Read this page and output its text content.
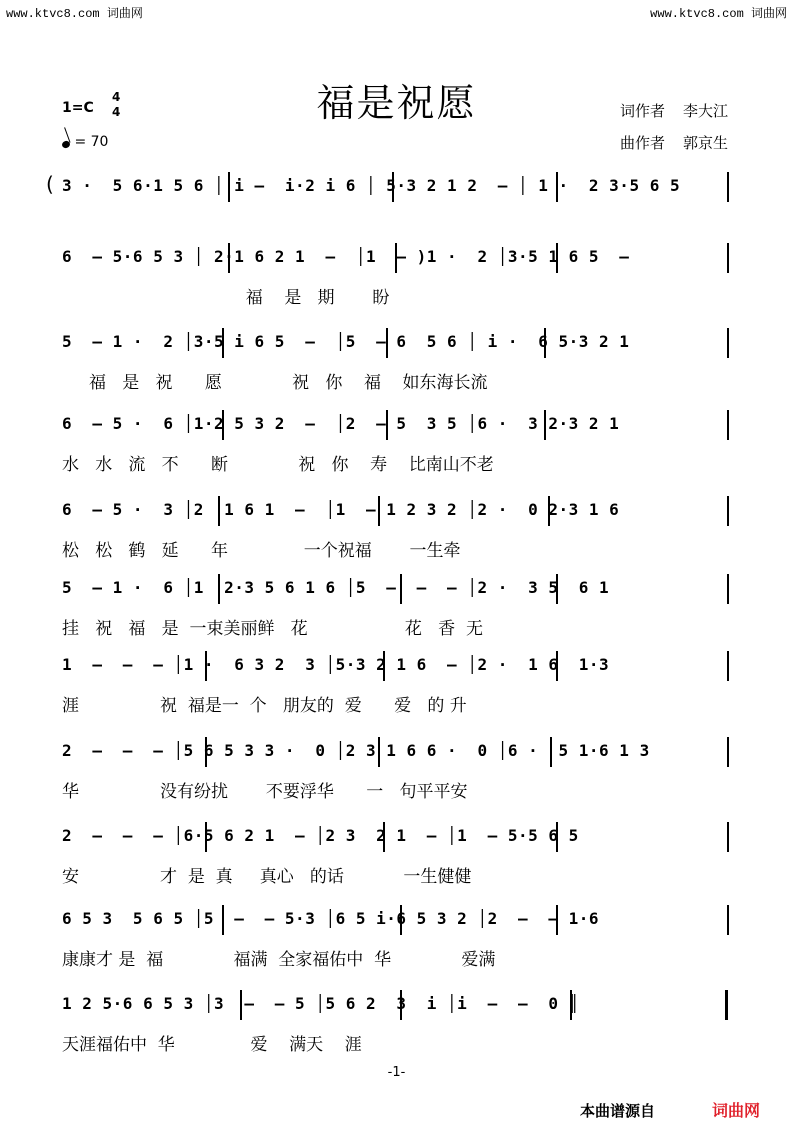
www.ktvc8.com 词曲网	www.ktvc8.com 词曲网
福是祝愿
1=C
4
4
= 70
词作者 李大江
曲作者 郭京生
( 3 ·  5 6·1 5 6 │ i –  i·2 i 6 │ 5·3 2 1 2  – │ 1 ·  2 3·5 6 5
6  – 5·6 5 3 │ 2·1 6 2 1  –  │1  – )1 ·  2 │3·5 1 6 5  –
福    是   期       盼
5  – 1 ·  2 │3·5 i 6 5  –  │5  – 6  5 6 │ i ·  6 5·3 2 1
福   是   祝      愿             祝   你    福    如东海长流
6  – 5 ·  6 │1·2 5 3 2  –  │2  – 5  3 5 │6 ·  3 2·3 2 1
水   水   流   不      断             祝   你    寿    比南山不老
6  – 5 ·  3 │2  1 6 1  –  │1  – 1 2 3 2 │2 ·  0 2·3 1 6
松   松   鹤   延      年              一个祝福       一生牵
5  – 1 ·  6 │1  2·3 5 6 1 6 │5  –  –  – │2 ·  3 5  6 1
挂   祝   福   是  一束美丽鲜   花                  花   香  无
1  –  –  – │1 ·  6 3 2  3 │5·3 2 1 6  – │2 ·  1 6  1·3
涯               祝  福是一  个   朋友的  爱      爱   的 升
2  –  –  – │5 6 5 3 3 ·  0 │2 3 1 6 6 ·  0 │6 ·  5 1·6 1 3
华               没有纷扰       不要浮华      一   句平平安
2  –  –  – │6·5 6 2 1  – │2 3  2 1  – │1  – 5·5 6 5
安               才  是  真     真心   的话           一生健健
6 5 3  5 6 5 │5  –  – 5·3 │6 5 i·6 5 3 2 │2  –  – 1·6
康康才 是  福             福满  全家福佑中  华             爱满
1 2 5·6 6 5 3 │3  –  – 5 │5 6 2  3  i │i  –  –  0 ║
天涯福佑中  华              爱    满天    涯
-1-
本曲谱源自	词曲网
